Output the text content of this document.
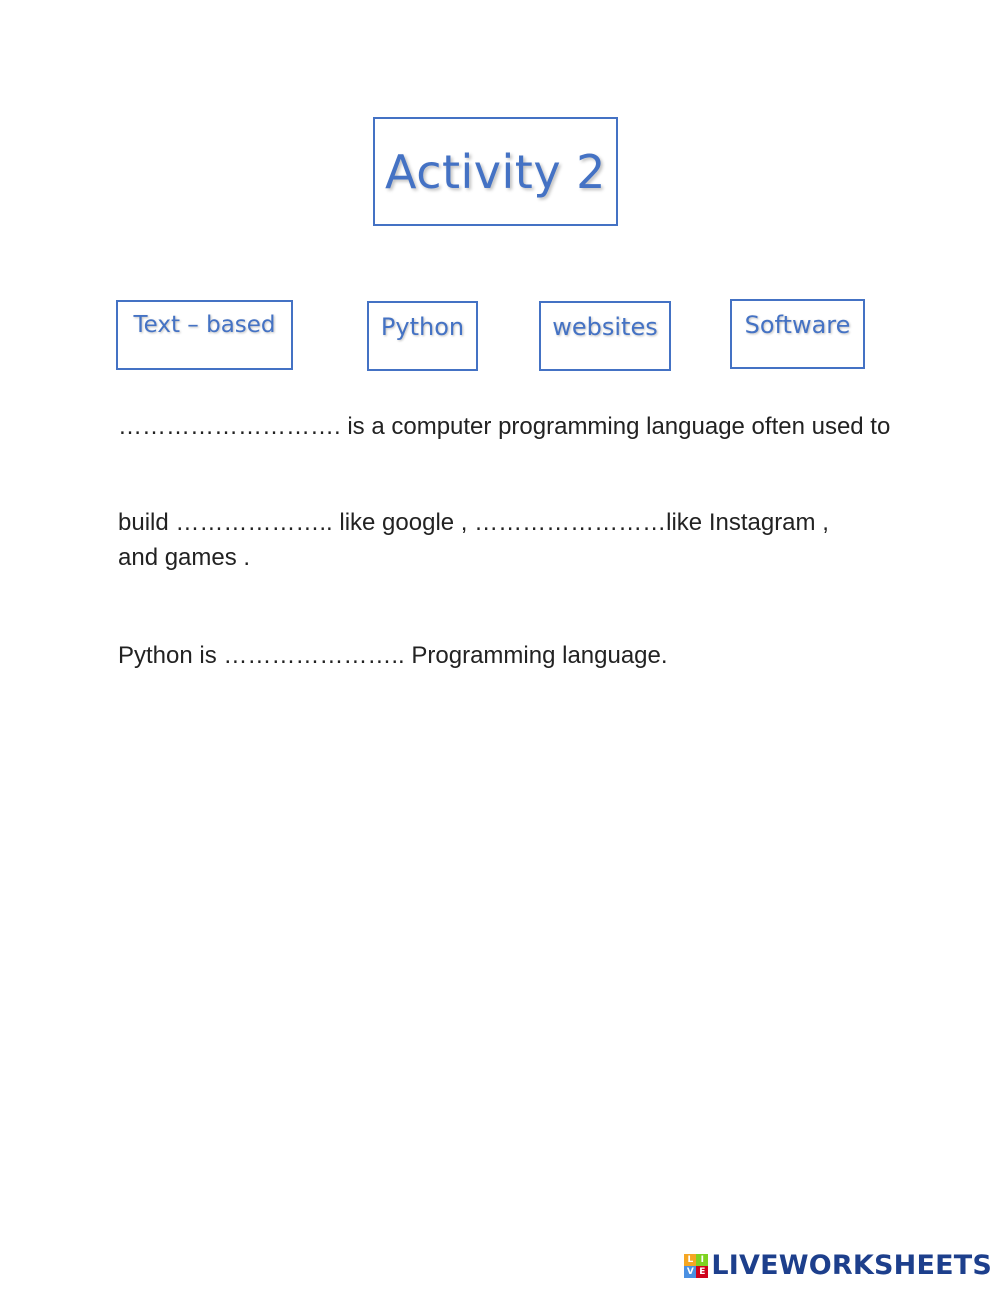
Activity 2
Text – based	Python	websites	Software
………………………. is a computer programming language often used to
build ……………….. like google , ……………………like Instagram ,
and games .
Python is ………………….. Programming language.
L I
V E LIVEWORKSHEETS
